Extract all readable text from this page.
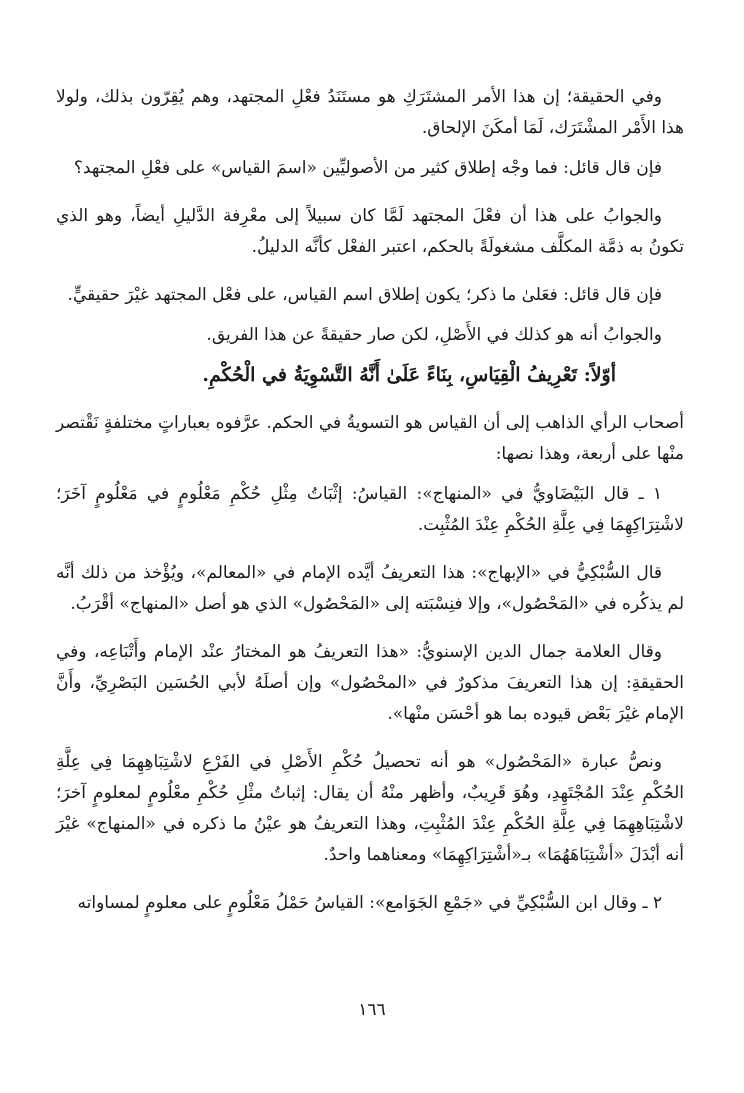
وفي الحقيقة؛ إن هذا الأمر المشتَرَكِ هو مستَنَدُ فعْلِ المجتهد، وهم يُقِرّون بذلك، ولولا هذا الأَمْر المشْتَرَك، لَمَا أمكَنَ الإلحاق.

فإن قال قائل: فما وجْه إطلاق كثير من الأصوليِّين «اسمَ القياس» على فعْلِ المجتهد؟

والجوابُ على هذا أن فعْلَ المجتهد لَمَّا كان سبيلاً إلى معْرِفة الدَّليلِ أيضاً، وهو الذي تكونُ به ذمَّة المكلَّف مشغولَةً بالحكم، اعتبر الفعْل كأنَّه الدليلُ.

فإن قال قائل: فعَلىٰ ما ذكر؛ يكون إطلاق اسم القياس، على فعْل المجتهد غيْرَ حقيقيٍّ.

والجوابُ أنه هو كذلك في الأَصْلِ، لكن صار حقيقةً عن هذا الفريق.

أوّلاً: تَعْرِيفُ الْقِيَاسِ، بِنَاءً عَلَىٰ أَنَّهُ التَّسْوِيَةُ في الْحُكْمِ.

أصحاب الرأي الذاهب إلى أن القياس هو التسويةُ في الحكم. عرَّفوه بعباراتٍ مختلفةٍ نَقْتصر منْها على أربعة، وهذا نصها:

١ ـ قال البَيْضَاويُّ في «المنهاج»: القياسُ: إثْبَاتُ مِثْلِ حُكْمِ مَعْلُومٍ في مَعْلُومٍ آخَرَ؛ لاشْتِرَاكِهِمَا فِي عِلَّةِ الحُكْمِ عِنْدَ المُثْبِت.

قال السُّبْكِيُّ في «الإبهاج»: هذا التعريفُ أيَّده الإمام في «المعالم»، ويُؤْخذ من ذلك أنَّه لم يذكُره في «المَحْصُول»، وإلا فنِسْبَته إلى «المَحْصُول» الذي هو أصل «المنهاج» أقْرَبُ.

وقال العلامة جمال الدين الإسنويُّ: «هذا التعريفُ هو المختارُ عنْد الإمام وأَتْبَاعِه، وفي الحقيقةِ: إن هذا التعريفَ مذكورٌ في «المحْصُول» وإن أصلَهُ لأبي الحُسَين البَصْرِيِّ، وأَنَّ الإمام غيْرَ بَعْض قيوده بما هو أحْسَن منْها».

ونصُّ عبارة «المَحْصُول» هو أنه تحصيلُ حُكْمِ الأَصْلِ في الفَرْعِ لاشْتِبَاهِهِمَا فِي عِلَّةِ الحُكْمِ عِنْدَ المُجْتَهِدِ، وهُوَ قَرِيبٌ، وأظهر منْهُ أن يقال: إثباتُ مثْلِ حُكْمِ معْلُومٍ لمعلومٍ آخرَ؛ لاشْتِبَاهِهِمَا فِي عِلَّةِ الحُكْمِ عِنْدَ المُثْبِتِ، وهذا التعريفُ هو عيْنُ ما ذكره في «المنهاج» غيْرَ أنه أبْدَلَ «أشْتِبَاهَهُمَا» بـ«أشْتِرَاكِهِمَا» ومعناهما واحدٌ.

٢ ـ وقال ابن السُّبْكِيِّ في «جَمْعِ الجَوَامع»: القياسُ حَمْلُ مَعْلُومٍ على معلومٍ لمساواته

١٦٦
